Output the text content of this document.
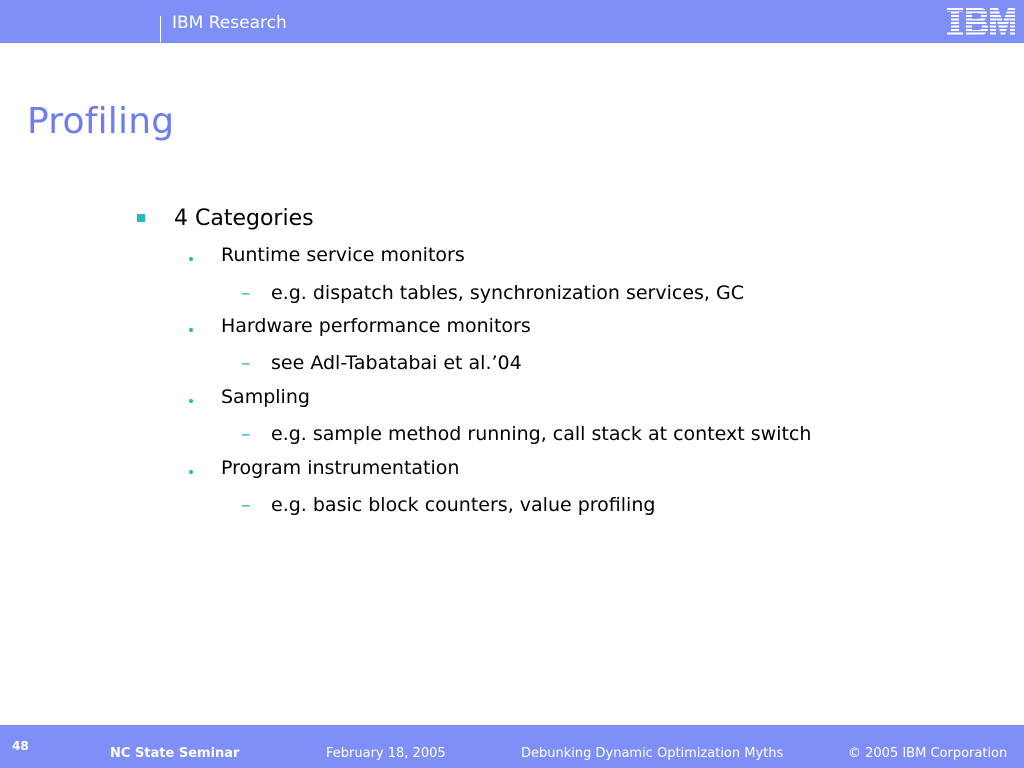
IBM Research
Profiling
4 Categories
Runtime service monitors
– e.g. dispatch tables, synchronization services, GC
Hardware performance monitors
– see Adl-Tabatabai et al.’04
Sampling
– e.g. sample method running, call stack at context switch
Program instrumentation
– e.g. basic block counters, value profiling
48	NC State Seminar	February 18, 2005	Debunking Dynamic Optimization Myths	© 2005 IBM Corporation
